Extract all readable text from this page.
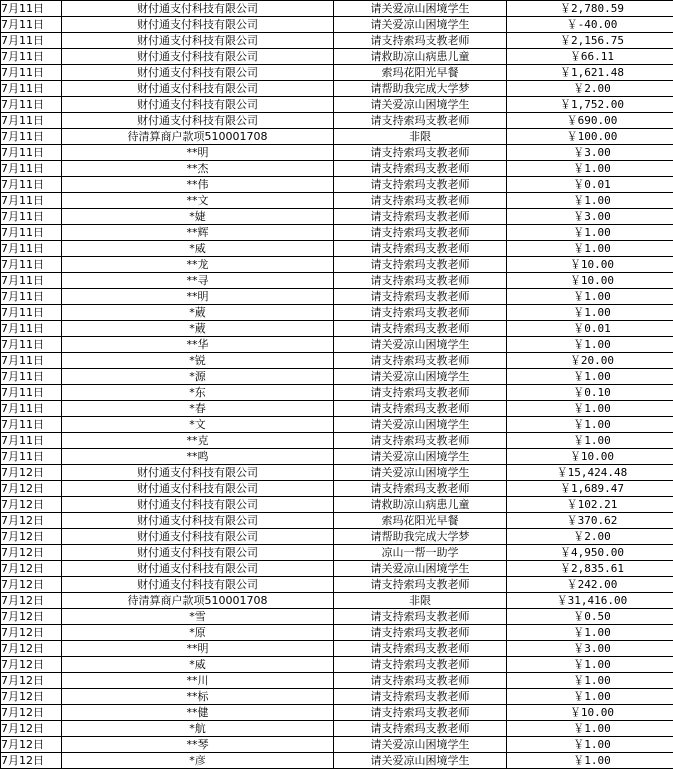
7月11日	财付通支付科技有限公司	请关爱凉山困境学生	￥2,780.59
7月11日	财付通支付科技有限公司	请关爱凉山困境学生	￥-40.00
7月11日	财付通支付科技有限公司	请支持索玛支教老师	￥2,156.75
7月11日	财付通支付科技有限公司	请救助凉山病患儿童	￥66.11
7月11日	财付通支付科技有限公司	索玛花阳光早餐	￥1,621.48
7月11日	财付通支付科技有限公司	请帮助我完成大学梦	￥2.00
7月11日	财付通支付科技有限公司	请关爱凉山困境学生	￥1,752.00
7月11日	财付通支付科技有限公司	请支持索玛支教老师	￥690.00
7月11日	待清算商户款项510001708	非限	￥100.00
7月11日	**明	请支持索玛支教老师	￥3.00
7月11日	**杰	请支持索玛支教老师	￥1.00
7月11日	**伟	请支持索玛支教老师	￥0.01
7月11日	**文	请支持索玛支教老师	￥1.00
7月11日	*婕	请支持索玛支教老师	￥3.00
7月11日	**辉	请支持索玛支教老师	￥1.00
7月11日	*威	请支持索玛支教老师	￥1.00
7月11日	**龙	请支持索玛支教老师	￥10.00
7月11日	**寻	请支持索玛支教老师	￥10.00
7月11日	**明	请支持索玛支教老师	￥1.00
7月11日	*葳	请支持索玛支教老师	￥1.00
7月11日	*葳	请支持索玛支教老师	￥0.01
7月11日	**华	请关爱凉山困境学生	￥1.00
7月11日	*锐	请支持索玛支教老师	￥20.00
7月11日	*源	请关爱凉山困境学生	￥1.00
7月11日	*东	请支持索玛支教老师	￥0.10
7月11日	*春	请支持索玛支教老师	￥1.00
7月11日	*文	请关爱凉山困境学生	￥1.00
7月11日	**克	请支持索玛支教老师	￥1.00
7月11日	**鸣	请关爱凉山困境学生	￥10.00
7月12日	财付通支付科技有限公司	请关爱凉山困境学生	￥15,424.48
7月12日	财付通支付科技有限公司	请支持索玛支教老师	￥1,689.47
7月12日	财付通支付科技有限公司	请救助凉山病患儿童	￥102.21
7月12日	财付通支付科技有限公司	索玛花阳光早餐	￥370.62
7月12日	财付通支付科技有限公司	请帮助我完成大学梦	￥2.00
7月12日	财付通支付科技有限公司	凉山一帮一助学	￥4,950.00
7月12日	财付通支付科技有限公司	请关爱凉山困境学生	￥2,835.61
7月12日	财付通支付科技有限公司	请支持索玛支教老师	￥242.00
7月12日	待清算商户款项510001708	非限	￥31,416.00
7月12日	*雪	请支持索玛支教老师	￥0.50
7月12日	*原	请支持索玛支教老师	￥1.00
7月12日	**明	请支持索玛支教老师	￥3.00
7月12日	*威	请支持索玛支教老师	￥1.00
7月12日	**川	请支持索玛支教老师	￥1.00
7月12日	**标	请支持索玛支教老师	￥1.00
7月12日	**健	请支持索玛支教老师	￥10.00
7月12日	*航	请支持索玛支教老师	￥1.00
7月12日	**琴	请关爱凉山困境学生	￥1.00
7月12日	*彦	请关爱凉山困境学生	￥1.00
